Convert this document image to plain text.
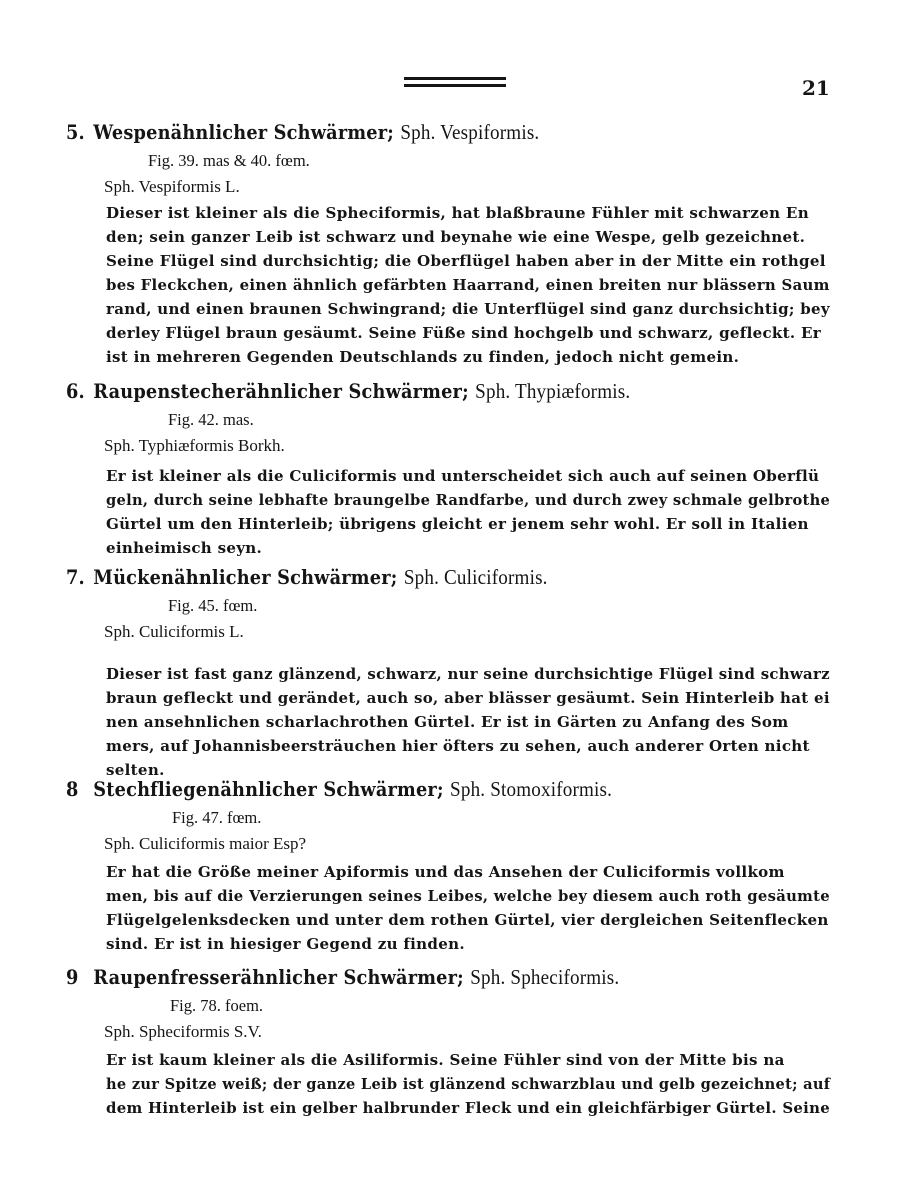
21
5. Wespenähnlicher Schwärmer; Sph. Vespiformis.
Fig. 39. mas & 40. fœm.
Sph. Vespiformis L.
Dieser ist kleiner als die Spheciformis, hat blaßbraune Fühler mit schwarzen En
den; sein ganzer Leib ist schwarz und beynahe wie eine Wespe, gelb gezeichnet.
Seine Flügel sind durchsichtig; die Oberflügel haben aber in der Mitte ein rothgel
bes Fleckchen, einen ähnlich gefärbten Haarrand, einen breiten nur blässern Saum
rand, und einen braunen Schwingrand; die Unterflügel sind ganz durchsichtig; bey
derley Flügel braun gesäumt. Seine Füße sind hochgelb und schwarz, gefleckt. Er
ist in mehreren Gegenden Deutschlands zu finden, jedoch nicht gemein.
6. Raupenstecherähnlicher Schwärmer; Sph. Thypiæformis.
Fig. 42. mas.
Sph. Typhiæformis Borkh.
Er ist kleiner als die Culiciformis und unterscheidet sich auch auf seinen Oberflü
geln, durch seine lebhafte braungelbe Randfarbe, und durch zwey schmale gelbrothe
Gürtel um den Hinterleib; übrigens gleicht er jenem sehr wohl. Er soll in Italien
einheimisch seyn.
7. Mückenähnlicher Schwärmer; Sph. Culiciformis.
Fig. 45. fœm.
Sph. Culiciformis L.
Dieser ist fast ganz glänzend, schwarz, nur seine durchsichtige Flügel sind schwarz
braun gefleckt und gerändet, auch so, aber blässer gesäumt. Sein Hinterleib hat ei
nen ansehnlichen scharlachrothen Gürtel. Er ist in Gärten zu Anfang des Som
mers, auf Johannisbeersträuchen hier öfters zu sehen, auch anderer Orten nicht
selten.
8 Stechfliegenähnlicher Schwärmer; Sph. Stomoxiformis.
Fig. 47. fœm.
Sph. Culiciformis maior Esp?
Er hat die Größe meiner Apiformis und das Ansehen der Culiciformis vollkom
men, bis auf die Verzierungen seines Leibes, welche bey diesem auch roth gesäumte
Flügelgelenksdecken und unter dem rothen Gürtel, vier dergleichen Seitenflecken
sind. Er ist in hiesiger Gegend zu finden.
9 Raupenfresserähnlicher Schwärmer; Sph. Spheciformis.
Fig. 78. foem.
Sph. Spheciformis S.V.
Er ist kaum kleiner als die Asiliformis. Seine Fühler sind von der Mitte bis na
he zur Spitze weiß; der ganze Leib ist glänzend schwarzblau und gelb gezeichnet; auf
dem Hinterleib ist ein gelber halbrunder Fleck und ein gleichfärbiger Gürtel. Seine
